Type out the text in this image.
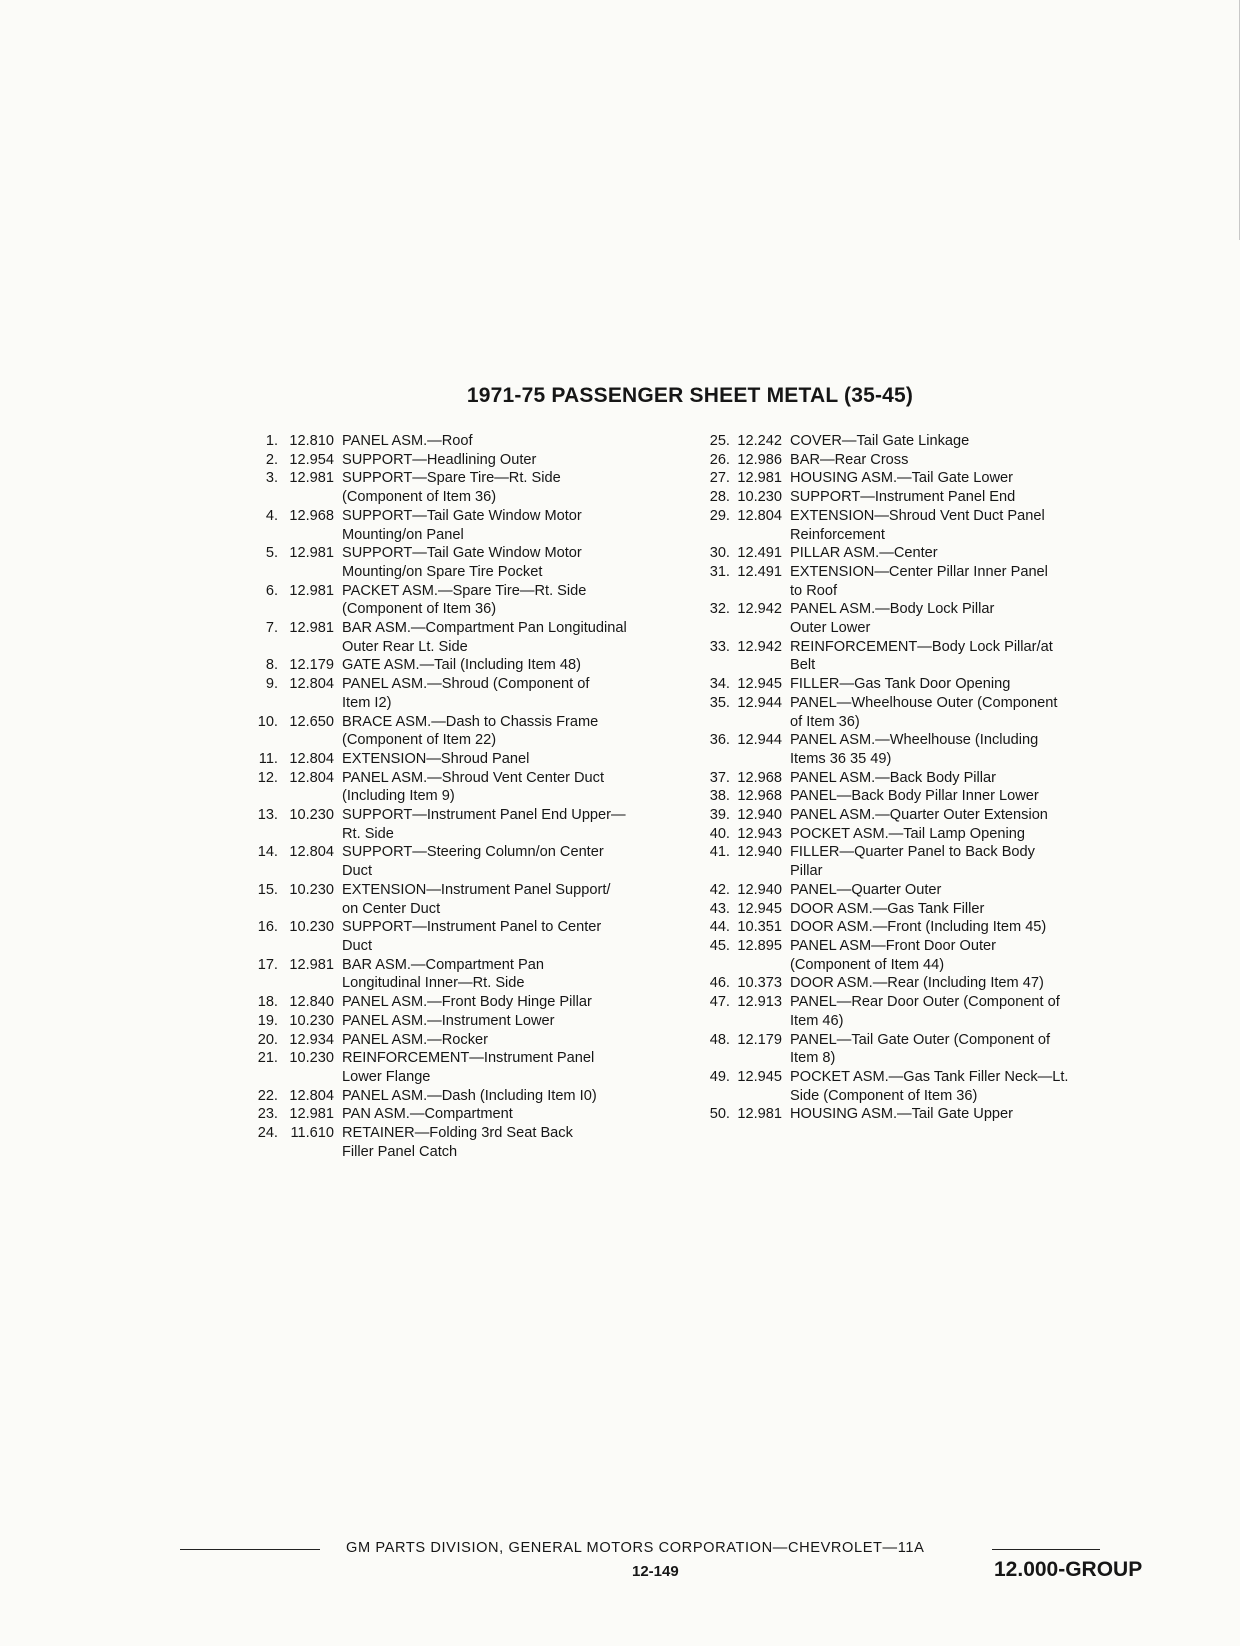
1971-75 PASSENGER SHEET METAL (35-45)
1. 12.810 PANEL ASM.—Roof
2. 12.954 SUPPORT—Headlining Outer
3. 12.981 SUPPORT—Spare Tire—Rt. Side
(Component of Item 36)
4. 12.968 SUPPORT—Tail Gate Window Motor
Mounting/on Panel
5. 12.981 SUPPORT—Tail Gate Window Motor
Mounting/on Spare Tire Pocket
6. 12.981 PACKET ASM.—Spare Tire—Rt. Side
(Component of Item 36)
7. 12.981 BAR ASM.—Compartment Pan Longitudinal
Outer Rear Lt. Side
8. 12.179 GATE ASM.—Tail (Including Item 48)
9. 12.804 PANEL ASM.—Shroud (Component of
Item I2)
10. 12.650 BRACE ASM.—Dash to Chassis Frame
(Component of Item 22)
11. 12.804 EXTENSION—Shroud Panel
12. 12.804 PANEL ASM.—Shroud Vent Center Duct
(Including Item 9)
13. 10.230 SUPPORT—Instrument Panel End Upper—
Rt. Side
14. 12.804 SUPPORT—Steering Column/on Center
Duct
15. 10.230 EXTENSION—Instrument Panel Support/
on Center Duct
16. 10.230 SUPPORT—Instrument Panel to Center
Duct
17. 12.981 BAR ASM.—Compartment Pan
Longitudinal Inner—Rt. Side
18. 12.840 PANEL ASM.—Front Body Hinge Pillar
19. 10.230 PANEL ASM.—Instrument Lower
20. 12.934 PANEL ASM.—Rocker
21. 10.230 REINFORCEMENT—Instrument Panel
Lower Flange
22. 12.804 PANEL ASM.—Dash (Including Item I0)
23. 12.981 PAN ASM.—Compartment
24. 11.610 RETAINER—Folding 3rd Seat Back
Filler Panel Catch
25. 12.242 COVER—Tail Gate Linkage
26. 12.986 BAR—Rear Cross
27. 12.981 HOUSING ASM.—Tail Gate Lower
28. 10.230 SUPPORT—Instrument Panel End
29. 12.804 EXTENSION—Shroud Vent Duct Panel
Reinforcement
30. 12.491 PILLAR ASM.—Center
31. 12.491 EXTENSION—Center Pillar Inner Panel
to Roof
32. 12.942 PANEL ASM.—Body Lock Pillar
Outer Lower
33. 12.942 REINFORCEMENT—Body Lock Pillar/at
Belt
34. 12.945 FILLER—Gas Tank Door Opening
35. 12.944 PANEL—Wheelhouse Outer (Component
of Item 36)
36. 12.944 PANEL ASM.—Wheelhouse (Including
Items 36 35 49)
37. 12.968 PANEL ASM.—Back Body Pillar
38. 12.968 PANEL—Back Body Pillar Inner Lower
39. 12.940 PANEL ASM.—Quarter Outer Extension
40. 12.943 POCKET ASM.—Tail Lamp Opening
41. 12.940 FILLER—Quarter Panel to Back Body
Pillar
42. 12.940 PANEL—Quarter Outer
43. 12.945 DOOR ASM.—Gas Tank Filler
44. 10.351 DOOR ASM.—Front (Including Item 45)
45. 12.895 PANEL ASM—Front Door Outer
(Component of Item 44)
46. 10.373 DOOR ASM.—Rear (Including Item 47)
47. 12.913 PANEL—Rear Door Outer (Component of
Item 46)
48. 12.179 PANEL—Tail Gate Outer (Component of
Item 8)
49. 12.945 POCKET ASM.—Gas Tank Filler Neck—Lt.
Side (Component of Item 36)
50. 12.981 HOUSING ASM.—Tail Gate Upper
GM PARTS DIVISION, GENERAL MOTORS CORPORATION—CHEVROLET—11A
12-149	12.000-GROUP
